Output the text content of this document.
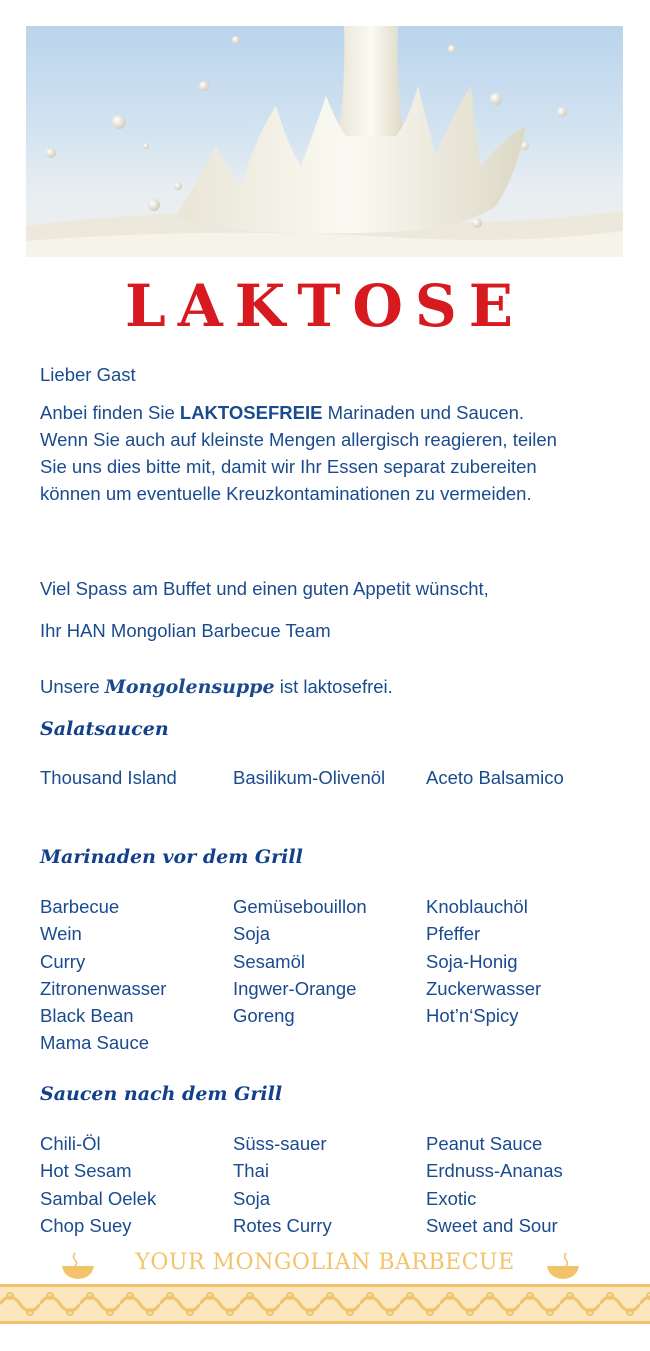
LAKTOSE

Lieber Gast

Anbei finden Sie LAKTOSEFREIE Marinaden und Saucen.
Wenn Sie auch auf kleinste Mengen allergisch reagieren, teilen
Sie uns dies bitte mit, damit wir Ihr Essen separat zubereiten
können um eventuelle Kreuzkontaminationen zu vermeiden.

Viel Spass am Buffet und einen guten Appetit wünscht,

Ihr HAN Mongolian Barbecue Team

Unsere Mongolensuppe ist laktosefrei.

Salatsaucen
Thousand Island	Basilikum-Olivenöl	Aceto Balsamico
Marinaden vor dem Grill
Barbecue	Gemüsebouillon	Knoblauchöl
Wein	Soja	Pfeffer
Curry	Sesamöl	Soja-Honig
Zitronenwasser	Ingwer-Orange	Zuckerwasser
Black Bean	Goreng	Hot’n‘Spicy
Mama Sauce
Saucen nach dem Grill
Chili-Öl	Süss-sauer	Peanut Sauce
Hot Sesam	Thai	Erdnuss-Ananas
Sambal Oelek	Soja	Exotic
Chop Suey	Rotes Curry	Sweet and Sour
YOUR MONGOLIAN BARBECUE
